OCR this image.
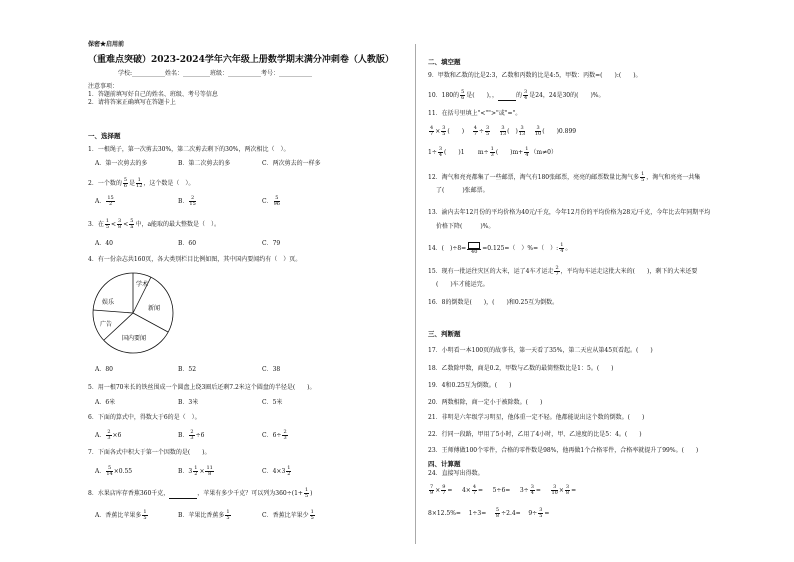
保密★启用前
（重难点突破）2023-2024学年六年级上册数学期末满分冲刺卷（人教版）
学校:___________姓名：_________班级：___________考号：___________
注意事项：
1．答题前填写好自己的姓名、班级、考号等信息
2．请将答案正确填写在答题卡上
一、选择题
1．一根绳子，第一次剪去30%，第二次剪去剩下的30%，两次相比（　）。
A．第一次剪去的多	B．第二次剪去的多	C．两次剪去的一样多
2．一个数的 $\frac{5}{6}$ 是 $\frac{1}{12}$ ，这个数是（　）。
A． $\frac{15}{2}$	B． $\frac{2}{15}$	C． $\frac{5}{96}$
3．在 $\frac{1}{5} < \frac{3}{8} < \frac{5}{a}$ 中，a能取的最大整数是（　）。
A．40	B．60	C．79
4．有一份杂志共160页，各大类别栏目比例如图，其中国内要闻约有（　）页。
学术
新闻
娱乐
广告
国内要闻
A．80	B．52	C．38
5．用一根70米长的铁丝围成一个圆盘上绕3圈后还剩7.2米这个圆盘的半径是(　　)。
A．6米	B．3米	C．5米
6．下面的算式中，得数大于6的是（　）。
A． $\frac{2}{3} \times 6$	B． $\frac{2}{3} \div 6$	C．$6\div \frac{2}{3}$
7．下面各式中积大于第一个因数的是(　　)。
A． $\frac{5}{14} \times 0.55$	B．$3 \frac{1}{2} \times \frac{11}{8}$	C．$4\times 3 \frac{1}{2}$
8．水果店库存香蕉360千克，	，苹果有多少千克？可以列为$360\div(1+ \frac{1}{5}$ )
A．香蕉比苹果多 $\frac{1}{5}$	B．苹果比香蕉多 $\frac{1}{5}$	C．香蕉比苹果少 $\frac{1}{5}$
二、填空题
9．甲数和乙数的比是2:3，乙数和丙数的比是4:5，甲数：丙数=(　　):(　　)。
10．180的 $\frac{5}{6}$ 是(　　)，，	的 $\frac{3}{4}$ 是24，24是30的(　　)%。
11．在括号里填上"<"">"或"="。
$\frac{4}{7} \times \frac{3}{5}$ (　　) $\frac{4}{7} \div \frac{3}{5}$
$\frac{3}{13}$ (　) $\frac{3}{13}$
$\frac{3}{10}$ (　　)0.899
$1\div \frac{3}{4}$ (　　)1       $m\div \frac{1}{3}$ (　　)$m+ \frac{1}{4} (m\ne 0)$
12．淘气和亮亮都集了一些邮票，淘气有180张邮票，亮亮的邮票数量比淘气多 $\frac{1}{5}$ ，淘气和亮亮一共集
了(　　　)张邮票。
13．渝内去年12月份的平均价格为40元/千克，今年12月份的平均价格为28元/千克，今年比去年同期平均
价格下降(　　　)%。
14．(　)÷8= 40 =0.125=（　）%=（　）: $\frac{1}{4}$ 。
15．现有一批运往灾区的大米，运了4车才运走 $\frac{2}{7}$ ，平均每车运走这批大米的(　　)，剩下的大米还要
(　　)车才能运完。
16．8的倒数是(　　)，(　　)和0.25互为倒数。
三、判断题
17．小明看一本100页的故事书，第一天看了35%，第二天应从第45页看起。(　　)
18．乙数除甲数，商是0.2，甲数与乙数的最简整数比是1：5。(　　)
19．4和0.25互为倒数。(　　)
20．两数相除，商一定小于被除数。(　　)
21．非明是六年级学习明星，他体重一定不轻。他都能说出这个数的倒数。(　　)
22．行同一段路，甲用了5小时，乙用了4小时，甲、乙速度的比是5：4。(　　)
23．王师傅做100个零件，合格的零件数是98%，他再做1个合格零件，合格率就提升了99%。(　　)
四、计算题
24．直接写出得数。
$\frac{7}{9} \times \frac{9}{7}$ =     $4\times \frac{4}{7}$ =     $5\div 6= 3\div \frac{3}{4} = \frac{3}{10} \times \frac{3}{8}$ =
$8\times 12.5\%= 1\div 3= \frac{5}{8} \div 2.4= 9\div \frac{3}{5}$ =
